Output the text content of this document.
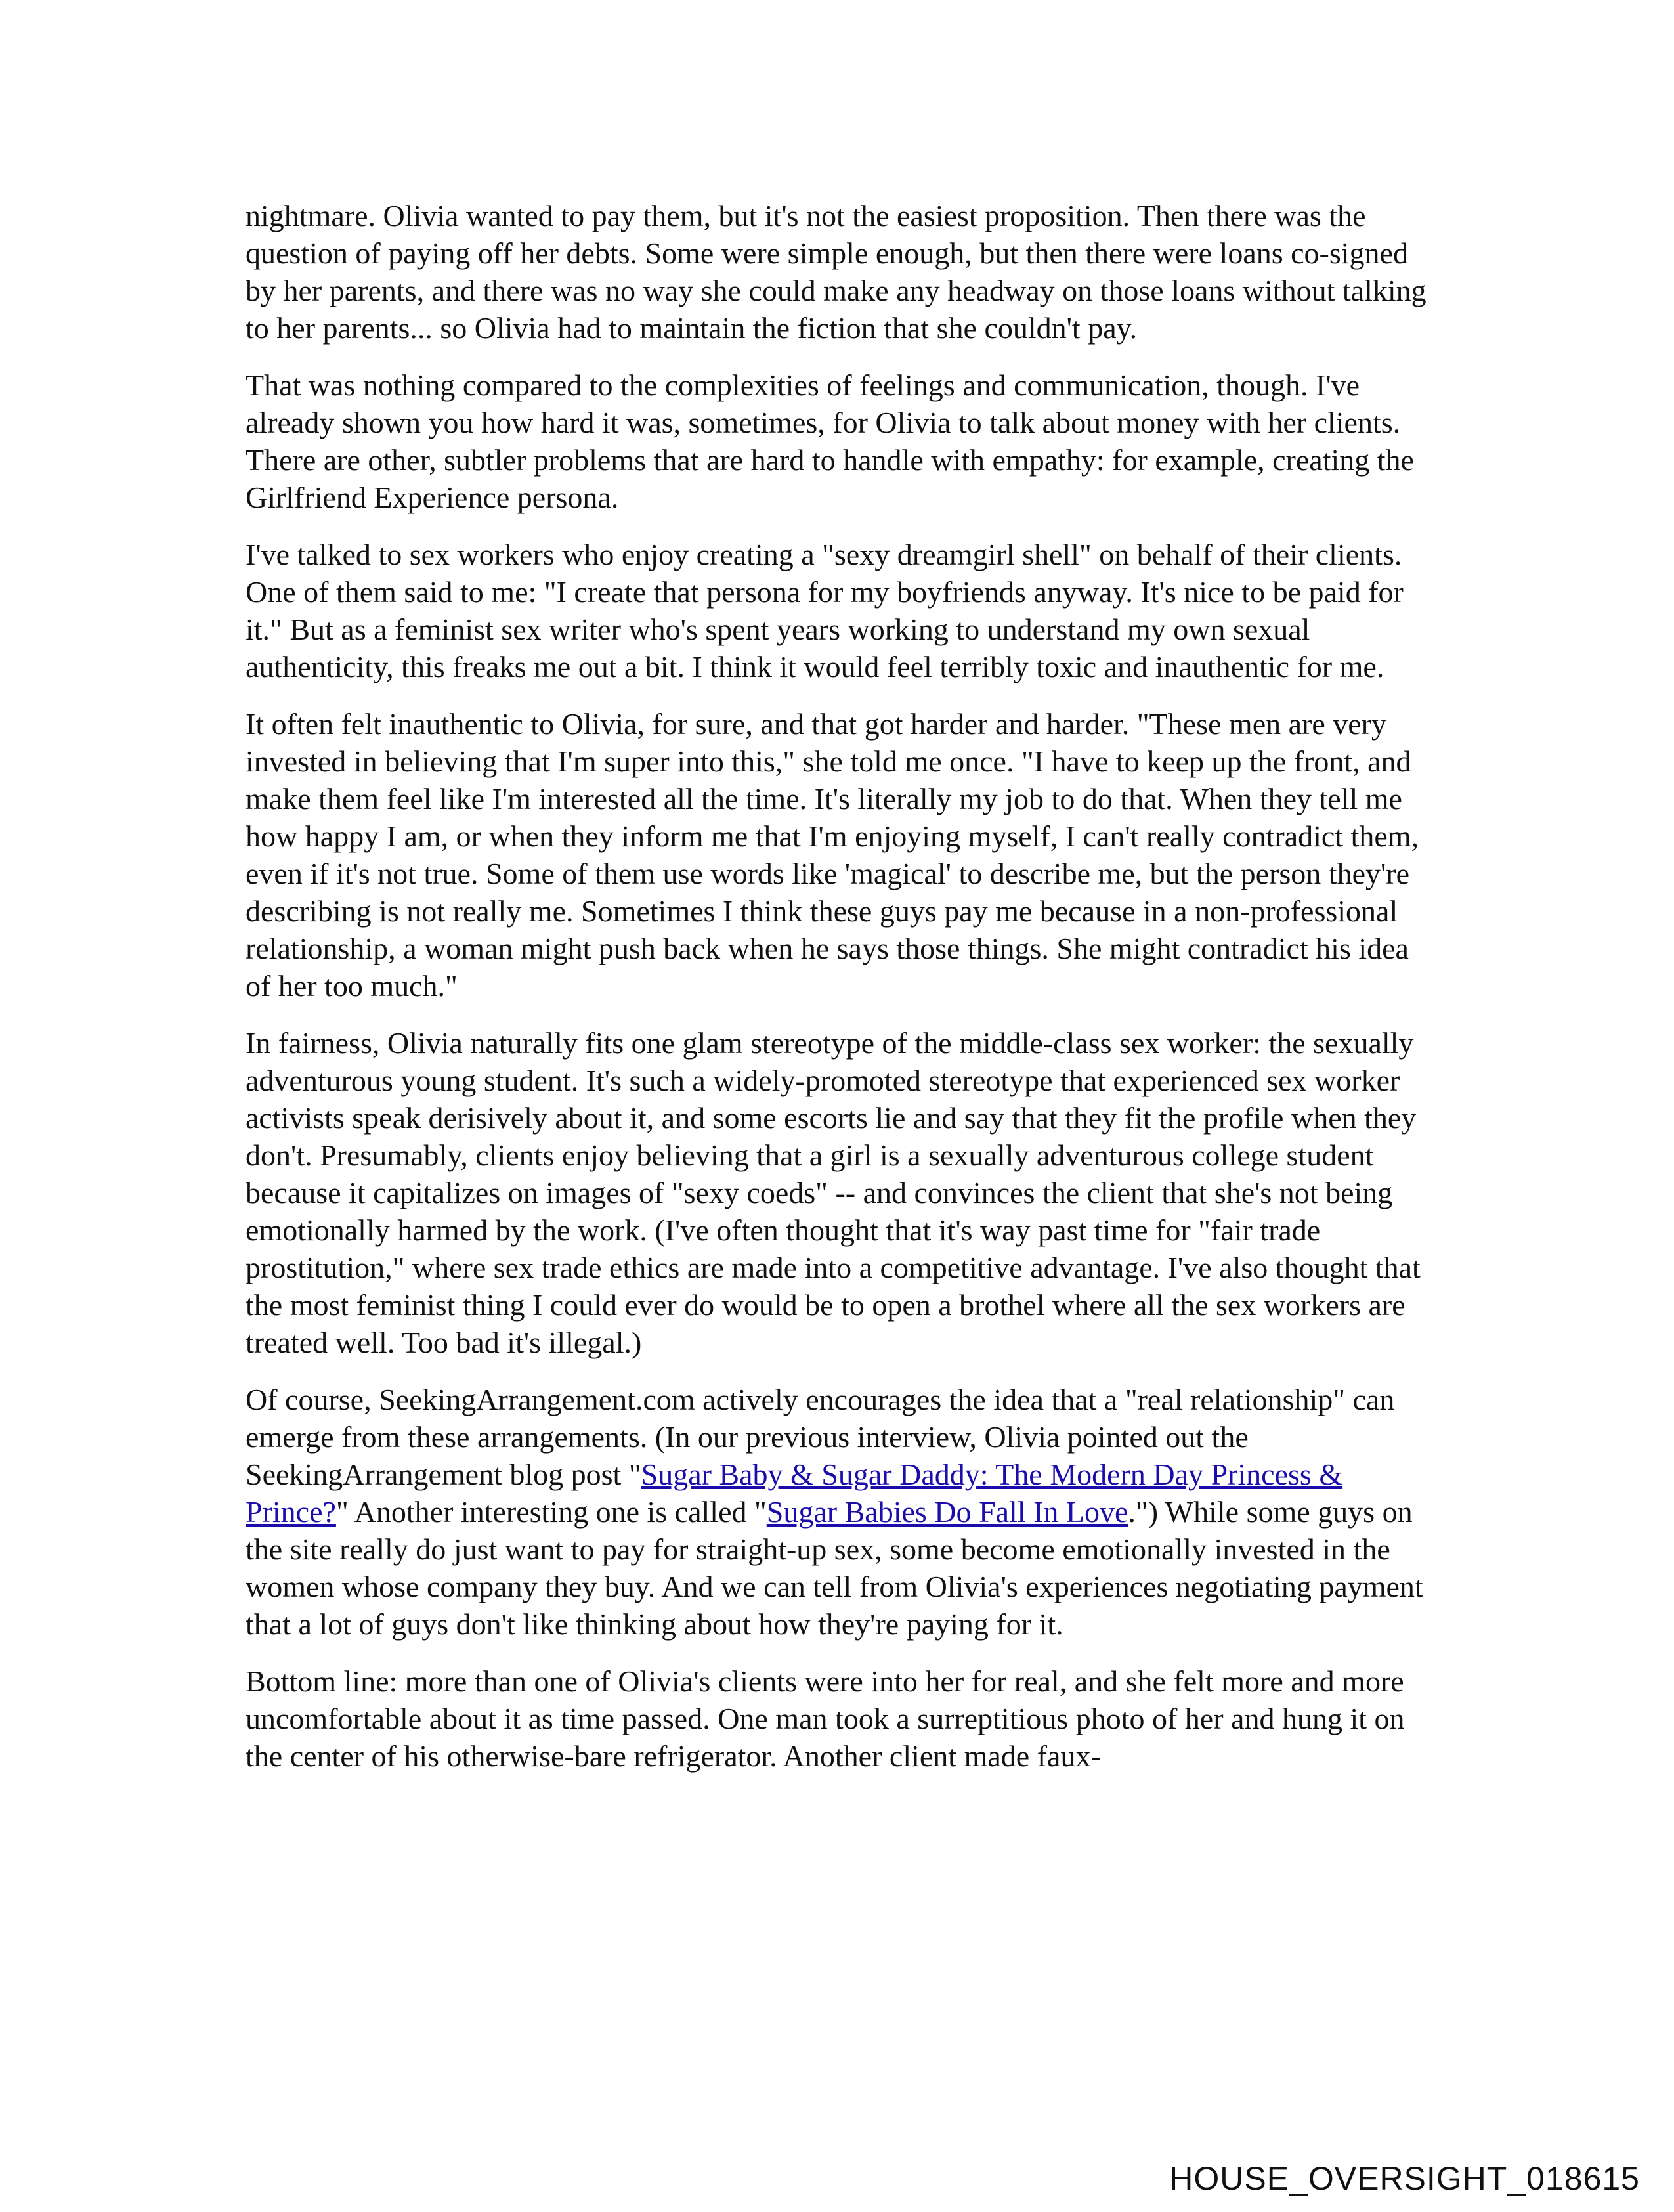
nightmare. Olivia wanted to pay them, but it's not the easiest proposition. Then there was the question of paying off her debts. Some were simple enough, but then there were loans co-signed by her parents, and there was no way she could make any headway on those loans without talking to her parents... so Olivia had to maintain the fiction that she couldn't pay.

That was nothing compared to the complexities of feelings and communication, though. I've already shown you how hard it was, sometimes, for Olivia to talk about money with her clients. There are other, subtler problems that are hard to handle with empathy: for example, creating the Girlfriend Experience persona.

I've talked to sex workers who enjoy creating a "sexy dreamgirl shell" on behalf of their clients. One of them said to me: "I create that persona for my boyfriends anyway. It's nice to be paid for it." But as a feminist sex writer who's spent years working to understand my own sexual authenticity, this freaks me out a bit. I think it would feel terribly toxic and inauthentic for me.

It often felt inauthentic to Olivia, for sure, and that got harder and harder. "These men are very invested in believing that I'm super into this," she told me once. "I have to keep up the front, and make them feel like I'm interested all the time. It's literally my job to do that. When they tell me how happy I am, or when they inform me that I'm enjoying myself, I can't really contradict them, even if it's not true. Some of them use words like 'magical' to describe me, but the person they're describing is not really me. Sometimes I think these guys pay me because in a non-professional relationship, a woman might push back when he says those things. She might contradict his idea of her too much."

In fairness, Olivia naturally fits one glam stereotype of the middle-class sex worker: the sexually adventurous young student. It's such a widely-promoted stereotype that experienced sex worker activists speak derisively about it, and some escorts lie and say that they fit the profile when they don't. Presumably, clients enjoy believing that a girl is a sexually adventurous college student because it capitalizes on images of "sexy coeds" -- and convinces the client that she's not being emotionally harmed by the work. (I've often thought that it's way past time for "fair trade prostitution," where sex trade ethics are made into a competitive advantage. I've also thought that the most feminist thing I could ever do would be to open a brothel where all the sex workers are treated well. Too bad it's illegal.)

Of course, SeekingArrangement.com actively encourages the idea that a "real relationship" can emerge from these arrangements. (In our previous interview, Olivia pointed out the SeekingArrangement blog post "Sugar Baby & Sugar Daddy: The Modern Day Princess & Prince?" Another interesting one is called "Sugar Babies Do Fall In Love.") While some guys on the site really do just want to pay for straight-up sex, some become emotionally invested in the women whose company they buy. And we can tell from Olivia's experiences negotiating payment that a lot of guys don't like thinking about how they're paying for it.

Bottom line: more than one of Olivia's clients were into her for real, and she felt more and more uncomfortable about it as time passed. One man took a surreptitious photo of her and hung it on the center of his otherwise-bare refrigerator. Another client made faux-

HOUSE_OVERSIGHT_018615
